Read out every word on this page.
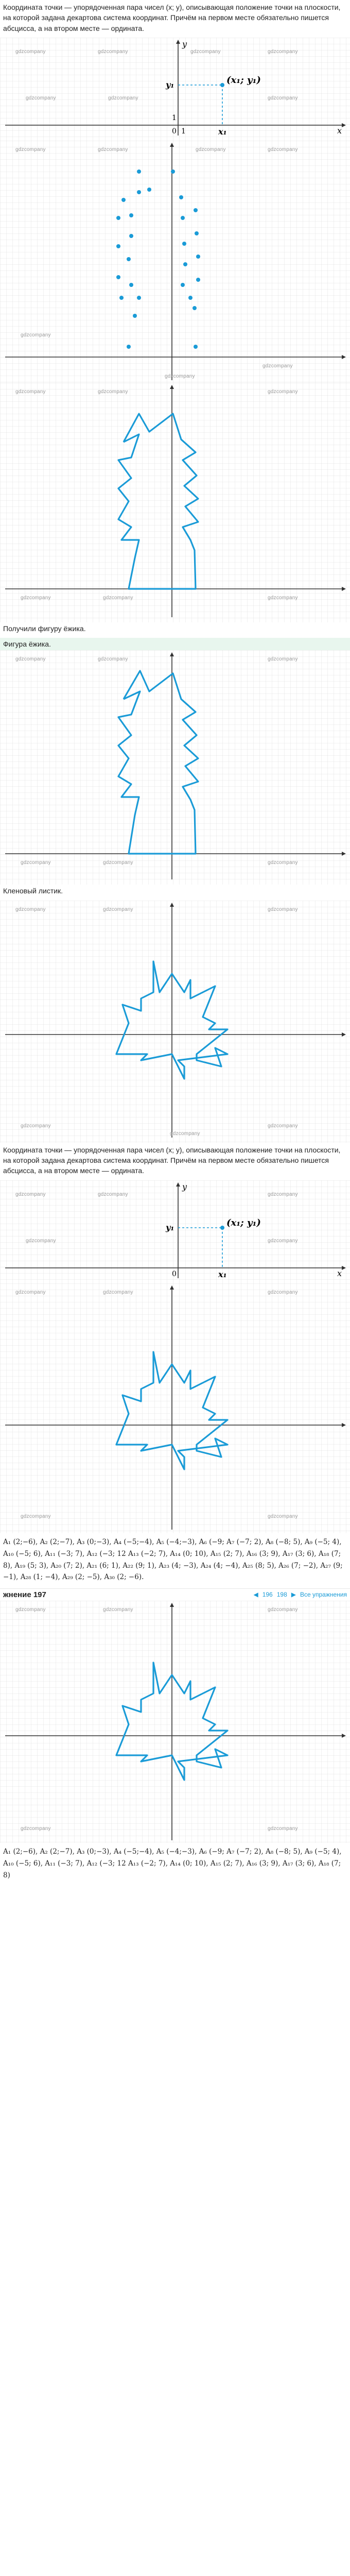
Координата точки — упорядоченная пара чисел (x; y), описывающая положение точки на плоскости, на которой задана декартова система координат. Причём на первом месте обязательно пишется абсцисса, а на втором месте — ордината.
x
y
0 1
1
(x₁; y₁)
x₁
y₁
gdzcompany	gdzcompany	gdzcompany	gdzcompany
gdzcompany	gdzcompany	gdzcompany
gdzcompany	gdzcompany	gdzcompany	gdzcompany
gdzcompany
gdzcompany
gdzcompany
gdzcompany	gdzcompany	gdzcompany
gdzcompany	gdzcompany	gdzcompany
Получили фигуру ёжика.
Фигура ёжика.
gdzcompany	gdzcompany	gdzcompany
gdzcompany	gdzcompany	gdzcompany
Кленовый листик.
gdzcompany	gdzcompany	gdzcompany
gdzcompany
gdzcompany
gdzcompany
Координата точки — упорядоченная пара чисел (x; y), описывающая положение точки на плоскости, на которой задана декартова система координат. Причём на первом месте обязательно пишется абсцисса, а на втором месте — ордината.
x
y
0
(x₁; y₁)
x₁
y₁
gdzcompany	gdzcompany	gdzcompany
gdzcompany	gdzcompany
gdzcompany	gdzcompany	gdzcompany
gdzcompany	gdzcompany
A₁ (2;−6), A₂ (2;−7), A₃ (0;−3), A₄ (−5;−4), A₅ (−4;−3), A₆ (−9; A₇ (−7; 2), A₈ (−8; 5), A₉ (−5; 4), A₁₀ (−5; 6), A₁₁ (−3; 7), A₁₂ (−3; 12 A₁₃ (−2; 7), A₁₄ (0; 10), A₁₅ (2; 7), A₁₆ (3; 9), A₁₇ (3; 6), A₁₈ (7; 8), A₁₉ (5; 3), A₂₀ (7; 2), A₂₁ (6; 1), A₂₂ (9; 1), A₂₃ (4; −3), A₂₄ (4; −4), A₂₅ (8; 5), A₂₆ (7; −2), A₂₇ (9; −1), A₂₈ (1; −4), A₂₉ (2; −5), A₃₀ (2; −6).
жнение 197	◀ 196 198 ▶ Все упражнения
gdzcompany	gdzcompany	gdzcompany
gdzcompany	gdzcompany
A₁ (2;−6), A₂ (2;−7), A₃ (0;−3), A₄ (−5;−4), A₅ (−4;−3), A₆ (−9; A₇ (−7; 2), A₈ (−8; 5), A₉ (−5; 4), A₁₀ (−5; 6), A₁₁ (−3; 7), A₁₂ (−3; 12 A₁₃ (−2; 7), A₁₄ (0; 10), A₁₅ (2; 7), A₁₆ (3; 9), A₁₇ (3; 6), A₁₈ (7; 8)
